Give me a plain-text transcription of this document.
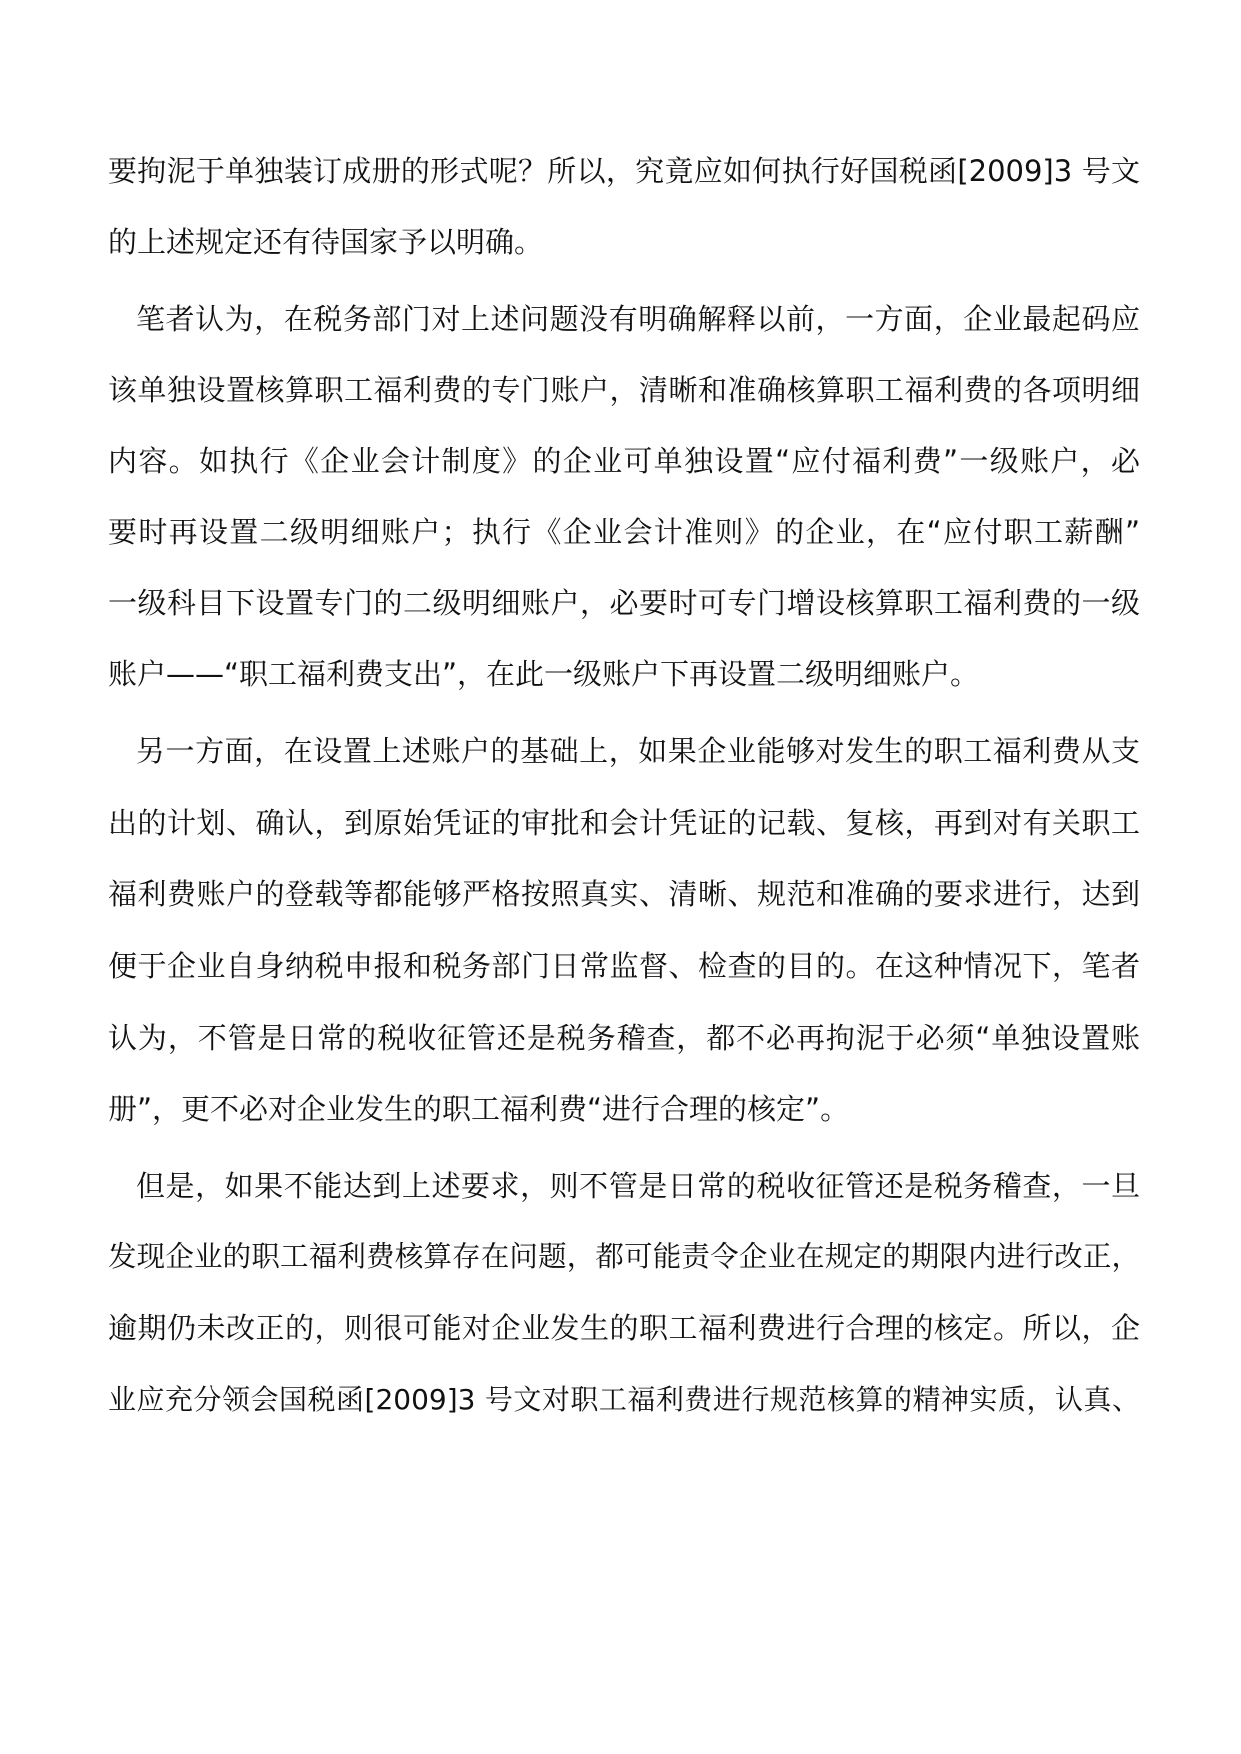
要拘泥于单独装订成册的形式呢？所以，究竟应如何执行好国税函[2009]3 号文
的上述规定还有待国家予以明确。
笔者认为，在税务部门对上述问题没有明确解释以前，一方面，企业最起码应
该单独设置核算职工福利费的专门账户，清晰和准确核算职工福利费的各项明细
内容。如执行《企业会计制度》的企业可单独设置“应付福利费”一级账户，必
要时再设置二级明细账户；执行《企业会计准则》的企业，在“应付职工薪酬”
一级科目下设置专门的二级明细账户，必要时可专门增设核算职工福利费的一级
账户——“职工福利费支出”，在此一级账户下再设置二级明细账户。
另一方面，在设置上述账户的基础上，如果企业能够对发生的职工福利费从支
出的计划、确认，到原始凭证的审批和会计凭证的记载、复核，再到对有关职工
福利费账户的登载等都能够严格按照真实、清晰、规范和准确的要求进行，达到
便于企业自身纳税申报和税务部门日常监督、检查的目的。在这种情况下，笔者
认为，不管是日常的税收征管还是税务稽查，都不必再拘泥于必须“单独设置账
册”，更不必对企业发生的职工福利费“进行合理的核定”。
但是，如果不能达到上述要求，则不管是日常的税收征管还是税务稽查，一旦
发现企业的职工福利费核算存在问题，都可能责令企业在规定的期限内进行改正，
逾期仍未改正的，则很可能对企业发生的职工福利费进行合理的核定。所以，企
业应充分领会国税函[2009]3 号文对职工福利费进行规范核算的精神实质，认真、
